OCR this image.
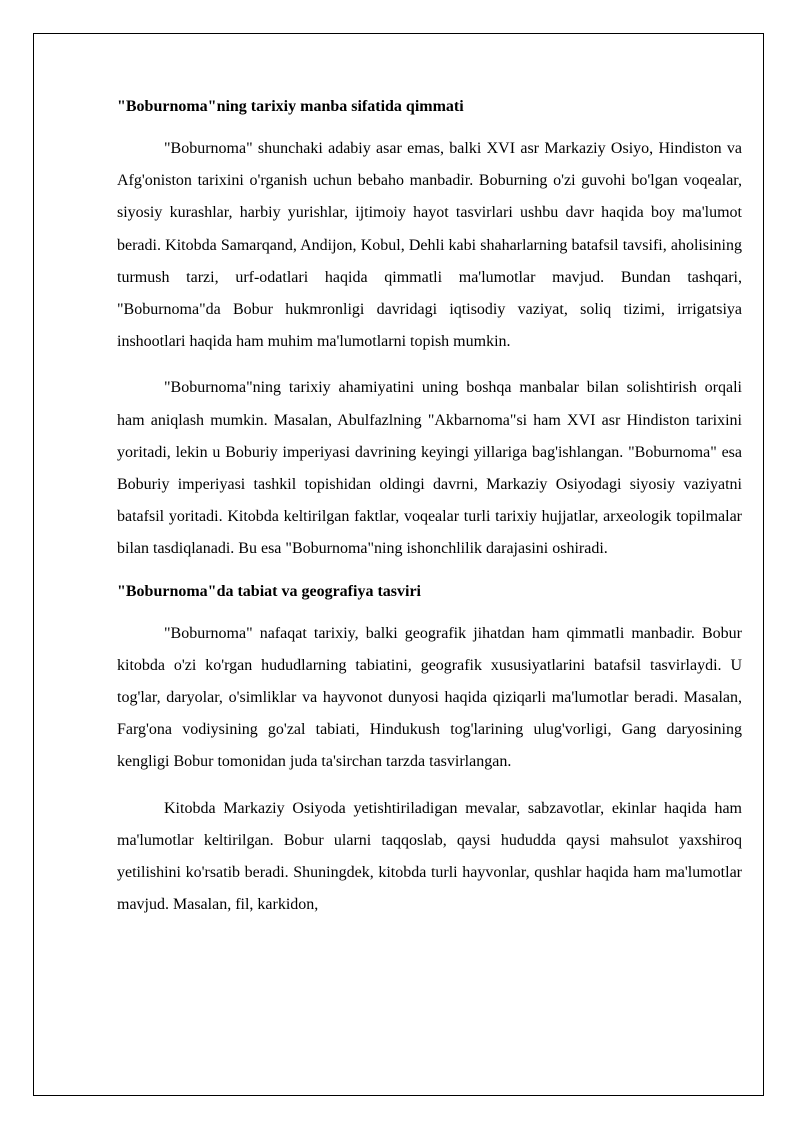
"Boburnoma"ning tarixiy manba sifatida qimmati

"Boburnoma" shunchaki adabiy asar emas, balki XVI asr Markaziy Osiyo, Hindiston va Afg'oniston tarixini o'rganish uchun bebaho manbadir. Boburning o'zi guvohi bo'lgan voqealar, siyosiy kurashlar, harbiy yurishlar, ijtimoiy hayot tasvirlari ushbu davr haqida boy ma'lumot beradi. Kitobda Samarqand, Andijon, Kobul, Dehli kabi shaharlarning batafsil tavsifi, aholisining turmush tarzi, urf-odatlari haqida qimmatli ma'lumotlar mavjud. Bundan tashqari, "Boburnoma"da Bobur hukmronligi davridagi iqtisodiy vaziyat, soliq tizimi, irrigatsiya inshootlari haqida ham muhim ma'lumotlarni topish mumkin.

"Boburnoma"ning tarixiy ahamiyatini uning boshqa manbalar bilan solishtirish orqali ham aniqlash mumkin. Masalan, Abulfazlning "Akbarnoma"si ham XVI asr Hindiston tarixini yoritadi, lekin u Boburiy imperiyasi davrining keyingi yillariga bag'ishlangan. "Boburnoma" esa Boburiy imperiyasi tashkil topishidan oldingi davrni, Markaziy Osiyodagi siyosiy vaziyatni batafsil yoritadi. Kitobda keltirilgan faktlar, voqealar turli tarixiy hujjatlar, arxeologik topilmalar bilan tasdiqlanadi. Bu esa "Boburnoma"ning ishonchlilik darajasini oshiradi.

"Boburnoma"da tabiat va geografiya tasviri

"Boburnoma" nafaqat tarixiy, balki geografik jihatdan ham qimmatli manbadir. Bobur kitobda o'zi ko'rgan hududlarning tabiatini, geografik xususiyatlarini batafsil tasvirlaydi. U tog'lar, daryolar, o'simliklar va hayvonot dunyosi haqida qiziqarli ma'lumotlar beradi. Masalan, Farg'ona vodiysining go'zal tabiati, Hindukush tog'larining ulug'vorligi, Gang daryosining kengligi Bobur tomonidan juda ta'sirchan tarzda tasvirlangan.

Kitobda Markaziy Osiyoda yetishtiriladigan mevalar, sabzavotlar, ekinlar haqida ham ma'lumotlar keltirilgan. Bobur ularni taqqoslab, qaysi hududda qaysi mahsulot yaxshiroq yetilishini ko'rsatib beradi. Shuningdek, kitobda turli hayvonlar, qushlar haqida ham ma'lumotlar mavjud. Masalan, fil, karkidon,
